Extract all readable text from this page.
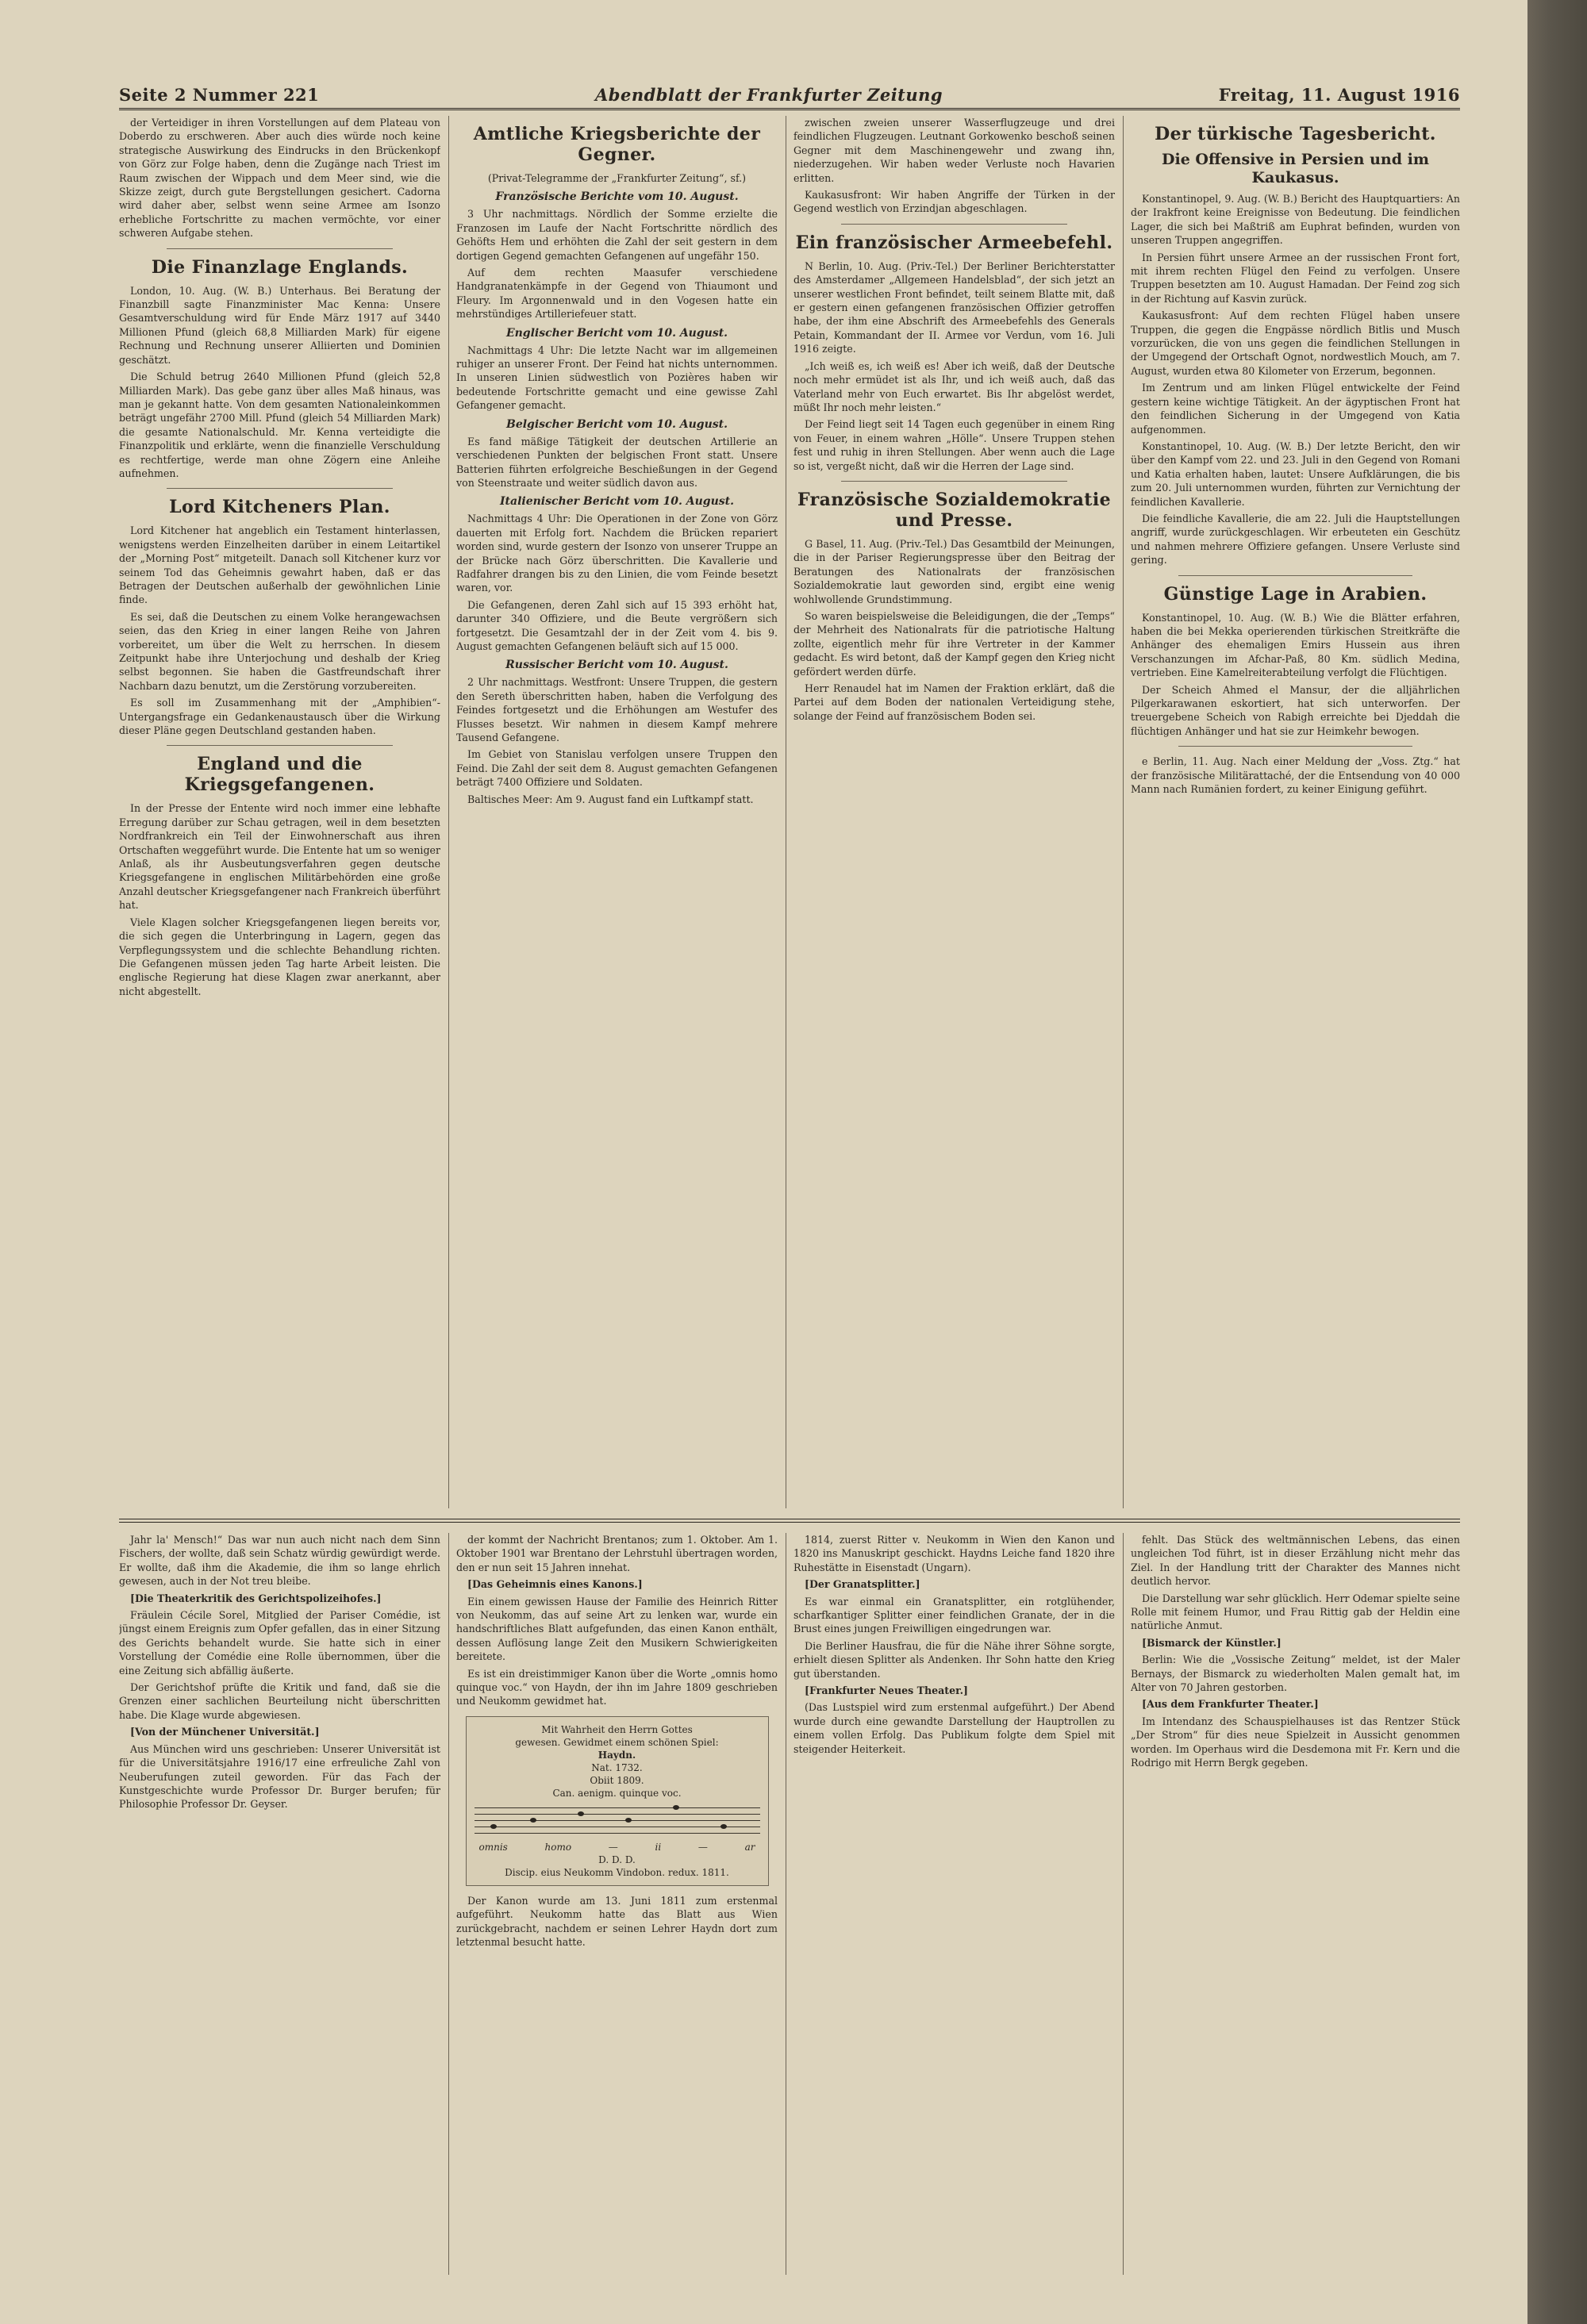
Seite 2 Nummer 221	Abendblatt der Frankfurter Zeitung	Freitag, 11. August 1916

der Verteidiger in ihren Vorstellungen auf dem Plateau von Doberdo zu erschweren. Aber auch dies würde noch keine strategische Auswirkung des Eindrucks in den Brückenkopf von Görz zur Folge haben, denn die Zugänge nach Triest im Raum zwischen der Wippach und dem Meer sind, wie die Skizze zeigt, durch gute Bergstellungen gesichert. Cadorna wird daher aber, selbst wenn seine Armee am Isonzo erhebliche Fortschritte zu machen vermöchte, vor einer schweren Aufgabe stehen.

Die Finanzlage Englands.

London, 10. Aug. (W. B.) Unterhaus. Bei Beratung der Finanzbill sagte Finanzminister Mac Kenna: Unsere Gesamtverschuldung wird für Ende März 1917 auf 3440 Millionen Pfund (gleich 68,8 Milliarden Mark) für eigene Rechnung und Rechnung unserer Alliierten und Dominien geschätzt.

Die Schuld betrug 2640 Millionen Pfund (gleich 52,8 Milliarden Mark). Das gebe ganz über alles Maß hinaus, was man je gekannt hatte. Von dem gesamten Nationaleinkommen beträgt ungefähr 2700 Mill. Pfund (gleich 54 Milliarden Mark) die gesamte Nationalschuld. Mr. Kenna verteidigte die Finanzpolitik und erklärte, wenn die finanzielle Verschuldung es rechtfertige, werde man ohne Zögern eine Anleihe aufnehmen.

Lord Kitcheners Plan.

Lord Kitchener hat angeblich ein Testament hinterlassen, wenigstens werden Einzelheiten darüber in einem Leitartikel der „Morning Post“ mitgeteilt. Danach soll Kitchener kurz vor seinem Tod das Geheimnis gewahrt haben, daß er das Betragen der Deutschen außerhalb der gewöhnlichen Linie finde.

Es sei, daß die Deutschen zu einem Volke herangewachsen seien, das den Krieg in einer langen Reihe von Jahren vorbereitet, um über die Welt zu herrschen. In diesem Zeitpunkt habe ihre Unterjochung und deshalb der Krieg selbst begonnen. Sie haben die Gastfreundschaft ihrer Nachbarn dazu benutzt, um die Zerstörung vorzubereiten.

Es soll im Zusammenhang mit der „Amphibien“-Untergangsfrage ein Gedankenaustausch über die Wirkung dieser Pläne gegen Deutschland gestanden haben.

England und die Kriegsgefangenen.

In der Presse der Entente wird noch immer eine lebhafte Erregung darüber zur Schau getragen, weil in dem besetzten Nordfrankreich ein Teil der Einwohnerschaft aus ihren Ortschaften weggeführt wurde. Die Entente hat um so weniger Anlaß, als ihr Ausbeutungsverfahren gegen deutsche Kriegsgefangene in englischen Militärbehörden eine große Anzahl deutscher Kriegsgefangener nach Frankreich überführt hat.

Viele Klagen solcher Kriegsgefangenen liegen bereits vor, die sich gegen die Unterbringung in Lagern, gegen das Verpflegungssystem und die schlechte Behandlung richten. Die Gefangenen müssen jeden Tag harte Arbeit leisten. Die englische Regierung hat diese Klagen zwar anerkannt, aber nicht abgestellt.

Amtliche Kriegsberichte der Gegner.
(Privat-Telegramme der „Frankfurter Zeitung“, sf.)
Französische Berichte vom 10. August.

3 Uhr nachmittags. Nördlich der Somme erzielte die Franzosen im Laufe der Nacht Fortschritte nördlich des Gehöfts Hem und erhöhten die Zahl der seit gestern in dem dortigen Gegend gemachten Gefangenen auf ungefähr 150.

Auf dem rechten Maasufer verschiedene Handgranatenkämpfe in der Gegend von Thiaumont und Fleury. Im Argonnenwald und in den Vogesen hatte ein mehrstündiges Artilleriefeuer statt.

Englischer Bericht vom 10. August.

Nachmittags 4 Uhr: Die letzte Nacht war im allgemeinen ruhiger an unserer Front. Der Feind hat nichts unternommen. In unseren Linien südwestlich von Pozières haben wir bedeutende Fortschritte gemacht und eine gewisse Zahl Gefangener gemacht.

Belgischer Bericht vom 10. August.

Es fand mäßige Tätigkeit der deutschen Artillerie an verschiedenen Punkten der belgischen Front statt. Unsere Batterien führten erfolgreiche Beschießungen in der Gegend von Steenstraate und weiter südlich davon aus.

Italienischer Bericht vom 10. August.

Nachmittags 4 Uhr: Die Operationen in der Zone von Görz dauerten mit Erfolg fort. Nachdem die Brücken repariert worden sind, wurde gestern der Isonzo von unserer Truppe an der Brücke nach Görz überschritten. Die Kavallerie und Radfahrer drangen bis zu den Linien, die vom Feinde besetzt waren, vor.

Die Gefangenen, deren Zahl sich auf 15 393 erhöht hat, darunter 340 Offiziere, und die Beute vergrößern sich fortgesetzt. Die Gesamtzahl der in der Zeit vom 4. bis 9. August gemachten Gefangenen beläuft sich auf 15 000.

Russischer Bericht vom 10. August.

2 Uhr nachmittags. Westfront: Unsere Truppen, die gestern den Sereth überschritten haben, haben die Verfolgung des Feindes fortgesetzt und die Erhöhungen am Westufer des Flusses besetzt. Wir nahmen in diesem Kampf mehrere Tausend Gefangene.

Im Gebiet von Stanislau verfolgen unsere Truppen den Feind. Die Zahl der seit dem 8. August gemachten Gefangenen beträgt 7400 Offiziere und Soldaten.

Baltisches Meer: Am 9. August fand ein Luftkampf statt.

zwischen zweien unserer Wasserflugzeuge und drei feindlichen Flugzeugen. Leutnant Gorkowenko beschoß seinen Gegner mit dem Maschinengewehr und zwang ihn, niederzugehen. Wir haben weder Verluste noch Havarien erlitten.

Kaukasusfront: Wir haben Angriffe der Türken in der Gegend westlich von Erzindjan abgeschlagen.

Ein französischer Armeebefehl.

N Berlin, 10. Aug. (Priv.-Tel.) Der Berliner Berichterstatter des Amsterdamer „Allgemeen Handelsblad“, der sich jetzt an unserer westlichen Front befindet, teilt seinem Blatte mit, daß er gestern einen gefangenen französischen Offizier getroffen habe, der ihm eine Abschrift des Armeebefehls des Generals Petain, Kommandant der II. Armee vor Verdun, vom 16. Juli 1916 zeigte.

„Ich weiß es, ich weiß es! Aber ich weiß, daß der Deutsche noch mehr ermüdet ist als Ihr, und ich weiß auch, daß das Vaterland mehr von Euch erwartet. Bis Ihr abgelöst werdet, müßt Ihr noch mehr leisten.“

Der Feind liegt seit 14 Tagen euch gegenüber in einem Ring von Feuer, in einem wahren „Hölle“. Unsere Truppen stehen fest und ruhig in ihren Stellungen. Aber wenn auch die Lage so ist, vergeßt nicht, daß wir die Herren der Lage sind.

Französische Sozialdemokratie und Presse.

G Basel, 11. Aug. (Priv.-Tel.) Das Gesamtbild der Meinungen, die in der Pariser Regierungspresse über den Beitrag der Beratungen des Nationalrats der französischen Sozialdemokratie laut geworden sind, ergibt eine wenig wohlwollende Grundstimmung.

So waren beispielsweise die Beleidigungen, die der „Temps“ der Mehrheit des Nationalrats für die patriotische Haltung zollte, eigentlich mehr für ihre Vertreter in der Kammer gedacht. Es wird betont, daß der Kampf gegen den Krieg nicht gefördert werden dürfe.

Herr Renaudel hat im Namen der Fraktion erklärt, daß die Partei auf dem Boden der nationalen Verteidigung stehe, solange der Feind auf französischem Boden sei.

Der türkische Tagesbericht.
Die Offensive in Persien und im Kaukasus.

Konstantinopel, 9. Aug. (W. B.) Bericht des Hauptquartiers: An der Irakfront keine Ereignisse von Bedeutung. Die feindlichen Lager, die sich bei Maßtriß am Euphrat befinden, wurden von unseren Truppen angegriffen.

In Persien führt unsere Armee an der russischen Front fort, mit ihrem rechten Flügel den Feind zu verfolgen. Unsere Truppen besetzten am 10. August Hamadan. Der Feind zog sich in der Richtung auf Kasvin zurück.

Kaukasusfront: Auf dem rechten Flügel haben unsere Truppen, die gegen die Engpässe nördlich Bitlis und Musch vorzurücken, die von uns gegen die feindlichen Stellungen in der Umgegend der Ortschaft Ognot, nordwestlich Mouch, am 7. August, wurden etwa 80 Kilometer von Erzerum, begonnen.

Im Zentrum und am linken Flügel entwickelte der Feind gestern keine wichtige Tätigkeit. An der ägyptischen Front hat den feindlichen Sicherung in der Umgegend von Katia aufgenommen.

Konstantinopel, 10. Aug. (W. B.) Der letzte Bericht, den wir über den Kampf vom 22. und 23. Juli in den Gegend von Romani und Katia erhalten haben, lautet: Unsere Aufklärungen, die bis zum 20. Juli unternommen wurden, führten zur Vernichtung der feindlichen Kavallerie.

Die feindliche Kavallerie, die am 22. Juli die Hauptstellungen angriff, wurde zurückgeschlagen. Wir erbeuteten ein Geschütz und nahmen mehrere Offiziere gefangen. Unsere Verluste sind gering.

Günstige Lage in Arabien.

Konstantinopel, 10. Aug. (W. B.) Wie die Blätter erfahren, haben die bei Mekka operierenden türkischen Streitkräfte die Anhänger des ehemaligen Emirs Hussein aus ihren Verschanzungen im Afchar-Paß, 80 Km. südlich Medina, vertrieben. Eine Kamelreiterabteilung verfolgt die Flüchtigen.

Der Scheich Ahmed el Mansur, der die alljährlichen Pilgerkarawanen eskortiert, hat sich unterworfen. Der treuergebene Scheich von Rabigh erreichte bei Djeddah die flüchtigen Anhänger und hat sie zur Heimkehr bewogen.

e Berlin, 11. Aug. Nach einer Meldung der „Voss. Ztg.“ hat der französische Militärattaché, der die Entsendung von 40 000 Mann nach Rumänien fordert, zu keiner Einigung geführt.

Jahr la' Mensch!“ Das war nun auch nicht nach dem Sinn Fischers, der wollte, daß sein Schatz würdig gewürdigt werde. Er wollte, daß ihm die Akademie, die ihm so lange ehrlich gewesen, auch in der Not treu bleibe.

[Die Theaterkritik des Gerichtspolizeihofes.]

Fräulein Cécile Sorel, Mitglied der Pariser Comédie, ist jüngst einem Ereignis zum Opfer gefallen, das in einer Sitzung des Gerichts behandelt wurde. Sie hatte sich in einer Vorstellung der Comédie eine Rolle übernommen, über die eine Zeitung sich abfällig äußerte.

Der Gerichtshof prüfte die Kritik und fand, daß sie die Grenzen einer sachlichen Beurteilung nicht überschritten habe. Die Klage wurde abgewiesen.

[Von der Münchener Universität.]

Aus München wird uns geschrieben: Unserer Universität ist für die Universitätsjahre 1916/17 eine erfreuliche Zahl von Neuberufungen zuteil geworden. Für das Fach der Kunstgeschichte wurde Professor Dr. Burger berufen; für Philosophie Professor Dr. Geyser.

der kommt der Nachricht Brentanos; zum 1. Oktober. Am 1. Oktober 1901 war Brentano der Lehrstuhl übertragen worden, den er nun seit 15 Jahren innehat.

[Das Geheimnis eines Kanons.]

Ein einem gewissen Hause der Familie des Heinrich Ritter von Neukomm, das auf seine Art zu lenken war, wurde ein handschriftliches Blatt aufgefunden, das einen Kanon enthält, dessen Auflösung lange Zeit den Musikern Schwierigkeiten bereitete.

Es ist ein dreistimmiger Kanon über die Worte „omnis homo quinque voc.“ von Haydn, der ihn im Jahre 1809 geschrieben und Neukomm gewidmet hat.

Mit Wahrheit den Herrn Gottes
gewesen. Gewidmet einem schönen Spiel:
Haydn.
Nat. 1732.
Obiit 1809.
Can. aenigm. quinque voc.
omnis	homo	—	ii	—	ar
D. D. D.
Discip. eius Neukomm Vindobon. redux. 1811.

Der Kanon wurde am 13. Juni 1811 zum erstenmal aufgeführt. Neukomm hatte das Blatt aus Wien zurückgebracht, nachdem er seinen Lehrer Haydn dort zum letztenmal besucht hatte.

1814, zuerst Ritter v. Neukomm in Wien den Kanon und 1820 ins Manuskript geschickt. Haydns Leiche fand 1820 ihre Ruhestätte in Eisenstadt (Ungarn).

[Der Granatsplitter.]

Es war einmal ein Granatsplitter, ein rotglühender, scharfkantiger Splitter einer feindlichen Granate, der in die Brust eines jungen Freiwilligen eingedrungen war.

Die Berliner Hausfrau, die für die Nähe ihrer Söhne sorgte, erhielt diesen Splitter als Andenken. Ihr Sohn hatte den Krieg gut überstanden.

[Frankfurter Neues Theater.]

(Das Lustspiel wird zum erstenmal aufgeführt.) Der Abend wurde durch eine gewandte Darstellung der Hauptrollen zu einem vollen Erfolg. Das Publikum folgte dem Spiel mit steigender Heiterkeit.

fehlt. Das Stück des weltmännischen Lebens, das einen ungleichen Tod führt, ist in dieser Erzählung nicht mehr das Ziel. In der Handlung tritt der Charakter des Mannes nicht deutlich hervor.

Die Darstellung war sehr glücklich. Herr Odemar spielte seine Rolle mit feinem Humor, und Frau Rittig gab der Heldin eine natürliche Anmut.

[Bismarck der Künstler.]

Berlin: Wie die „Vossische Zeitung“ meldet, ist der Maler Bernays, der Bismarck zu wiederholten Malen gemalt hat, im Alter von 70 Jahren gestorben.

[Aus dem Frankfurter Theater.]

Im Intendanz des Schauspielhauses ist das Rentzer Stück „Der Strom“ für dies neue Spielzeit in Aussicht genommen worden. Im Operhaus wird die Desdemona mit Fr. Kern und die Rodrigo mit Herrn Bergk gegeben.
